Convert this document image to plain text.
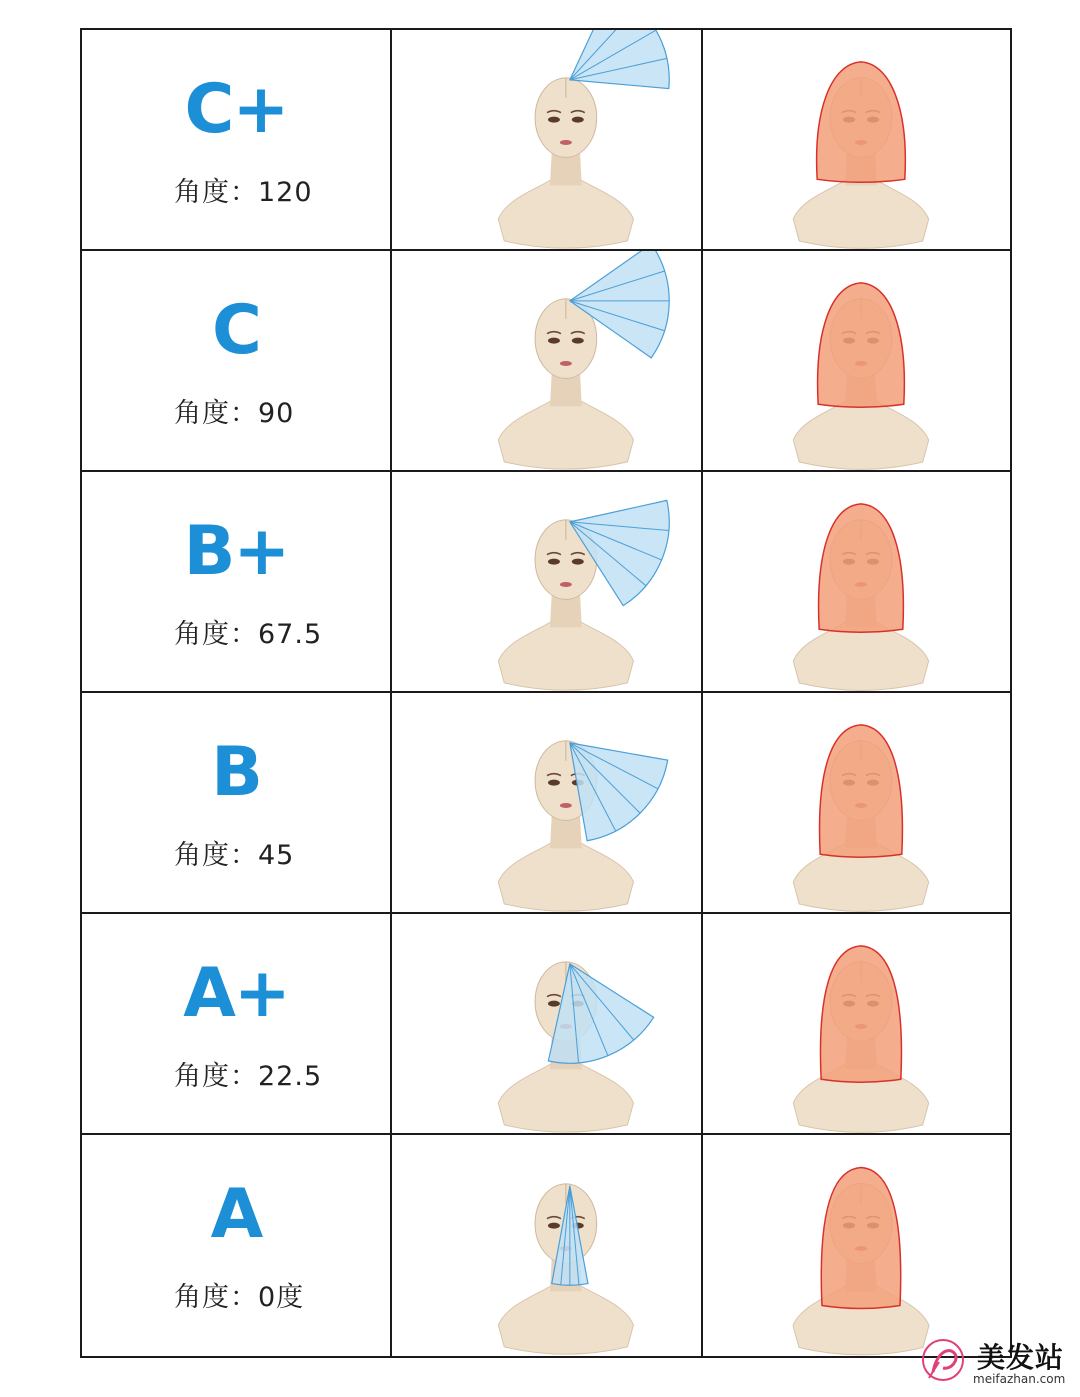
C+
角度：120
C
角度：90
B+
角度：67.5
B
角度：45
A+
角度：22.5
A
角度：0度
美发站
meifazhan.com
